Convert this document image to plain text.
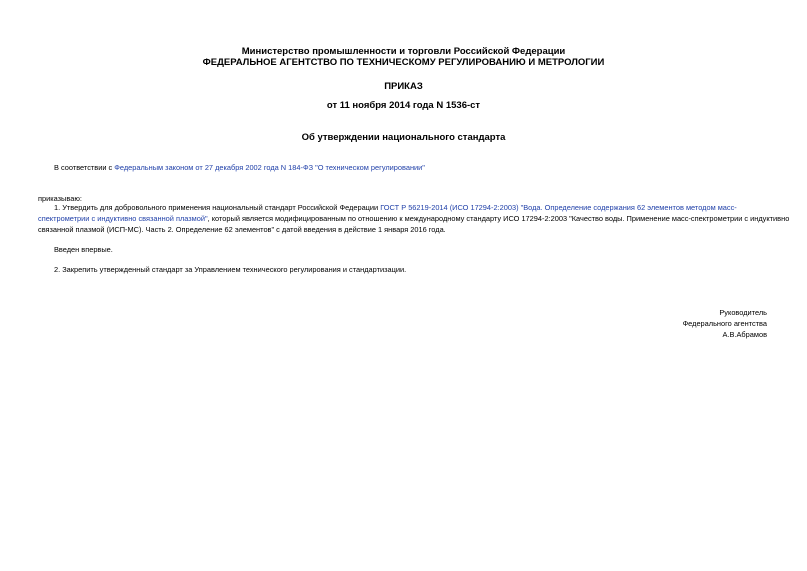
Министерство промышленности и торговли Российской Федерации
ФЕДЕРАЛЬНОЕ АГЕНТСТВО ПО ТЕХНИЧЕСКОМУ РЕГУЛИРОВАНИЮ И МЕТРОЛОГИИ
ПРИКАЗ
от 11 ноября 2014 года N 1536-ст
Об утверждении национального стандарта
В соответствии с Федеральным законом от 27 декабря 2002 года N 184-ФЗ "О техническом регулировании"
приказываю:
1. Утвердить для добровольного применения национальный стандарт Российской Федерации ГОСТ Р 56219-2014 (ИСО 17294-2:2003) "Вода. Определение содержания 62 элементов методом масс-
спектрометрии с индуктивно связанной плазмой", который является модифицированным по отношению к международному стандарту ИСО 17294-2:2003 "Качество воды. Применение масс-спектрометрии с индуктивно
связанной плазмой (ИСП-МС). Часть 2. Определение 62 элементов" с датой введения в действие 1 января 2016 года.
Введен впервые.
2. Закрепить утвержденный стандарт за Управлением технического регулирования и стандартизации.
Руководитель
Федерального агентства
А.В.Абрамов
